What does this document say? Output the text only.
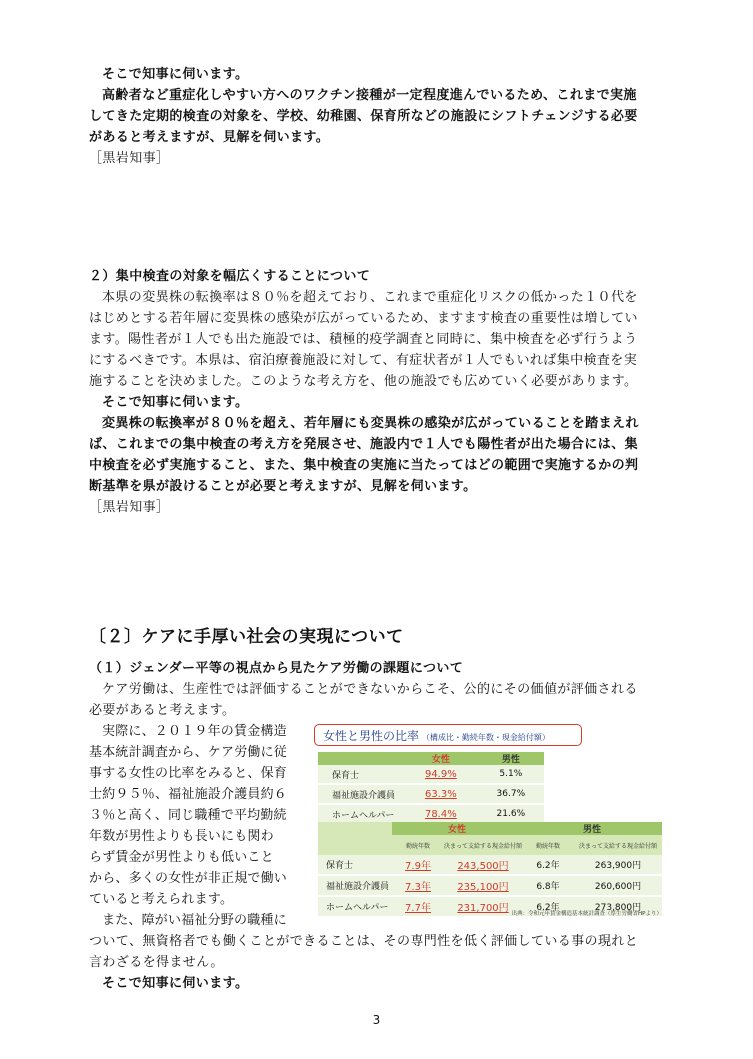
そこで知事に伺います。

高齢者など重症化しやすい方へのワクチン接種が一定程度進んでいるため、これまで実施

してきた定期的検査の対象を、学校、幼稚園、保育所などの施設にシフトチェンジする必要

があると考えますが、見解を伺います。

［黒岩知事］

２）集中検査の対象を幅広くすることについて

本県の変異株の転換率は８０％を超えており、これまで重症化リスクの低かった１０代を

はじめとする若年層に変異株の感染が広がっているため、ますます検査の重要性は増してい

ます。陽性者が１人でも出た施設では、積極的疫学調査と同時に、集中検査を必ず行うよう

にするべきです。本県は、宿泊療養施設に対して、有症状者が１人でもいれば集中検査を実

施することを決めました。このような考え方を、他の施設でも広めていく必要があります。

そこで知事に伺います。

変異株の転換率が８０％を超え、若年層にも変異株の感染が広がっていることを踏まえれ

ば、これまでの集中検査の考え方を発展させ、施設内で１人でも陽性者が出た場合には、集

中検査を必ず実施すること、また、集中検査の実施に当たってはどの範囲で実施するかの判

断基準を県が設けることが必要と考えますが、見解を伺います。

［黒岩知事］

〔２〕ケアに手厚い社会の実現について

（１）ジェンダー平等の視点から見たケア労働の課題について

ケア労働は、生産性では評価することができないからこそ、公的にその価値が評価される

必要があると考えます。

実際に、２０１９年の賃金構造

基本統計調査から、ケア労働に従

事する女性の比率をみると、保育

士約９５％、福祉施設介護員約６

３％と高く、同じ職種で平均勤続

年数が男性よりも長いにも関わ

らず賃金が男性よりも低いこと

から、多くの女性が非正規で働い

ていると考えられます。

また、障がい福祉分野の職種に

ついて、無資格者でも働くことができることは、その専門性を低く評価している事の現れと

言わざるを得ません。

そこで知事に伺います。

女性と男性の比率 （構成比・勤続年数・現金給付額）
	女性	男性
保育士	94.9%	5.1%
福祉施設介護員	63.3%	36.7%
ホームヘルパー	78.4%	21.6%
	女性		男性	
	勤続年数	決まって支給する現金給付額	勤続年数	決まって支給する現金給付額
保育士	7.9年	243,500円	6.2年	263,900円
福祉施設介護員	7.3年	235,100円	6.8年	260,600円
ホームヘルパー	7.7年	231,700円	6.2年	273,800円
出典：令和元年賃金構造基本統計調査（厚生労働省HPより）
3
